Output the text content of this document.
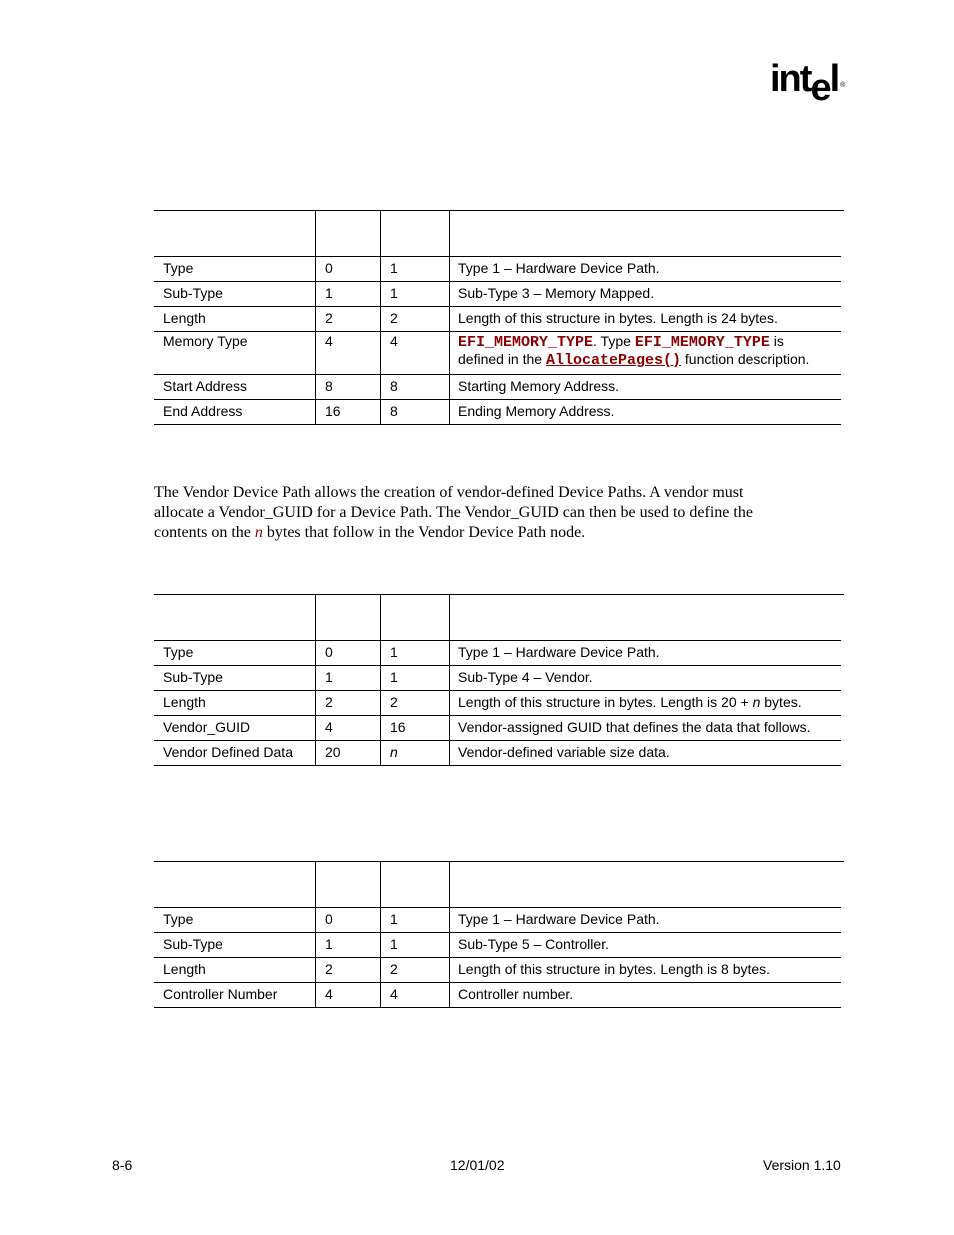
intel ®

Type	0	1	Type 1 – Hardware Device Path.
Sub-Type	1	1	Sub-Type 3 – Memory Mapped.
Length	2	2	Length of this structure in bytes. Length is 24 bytes.
Memory Type	4	4	EFI_MEMORY_TYPE. Type EFI_MEMORY_TYPE is
defined in the AllocatePages() function description.
Start Address	8	8	Starting Memory Address.
End Address	16	8	Ending Memory Address.
The Vendor Device Path allows the creation of vendor-defined Device Paths. A vendor must
allocate a Vendor_GUID for a Device Path. The Vendor_GUID can then be used to define the
contents on the n bytes that follow in the Vendor Device Path node.

Type	0	1	Type 1 – Hardware Device Path.
Sub-Type	1	1	Sub-Type 4 – Vendor.
Length	2	2	Length of this structure in bytes. Length is 20 + n bytes.
Vendor_GUID	4	16	Vendor-assigned GUID that defines the data that follows.
Vendor Defined Data	20	n	Vendor-defined variable size data.

Type	0	1	Type 1 – Hardware Device Path.
Sub-Type	1	1	Sub-Type 5 – Controller.
Length	2	2	Length of this structure in bytes. Length is 8 bytes.
Controller Number	4	4	Controller number.
8-6	12/01/02	Version 1.10
